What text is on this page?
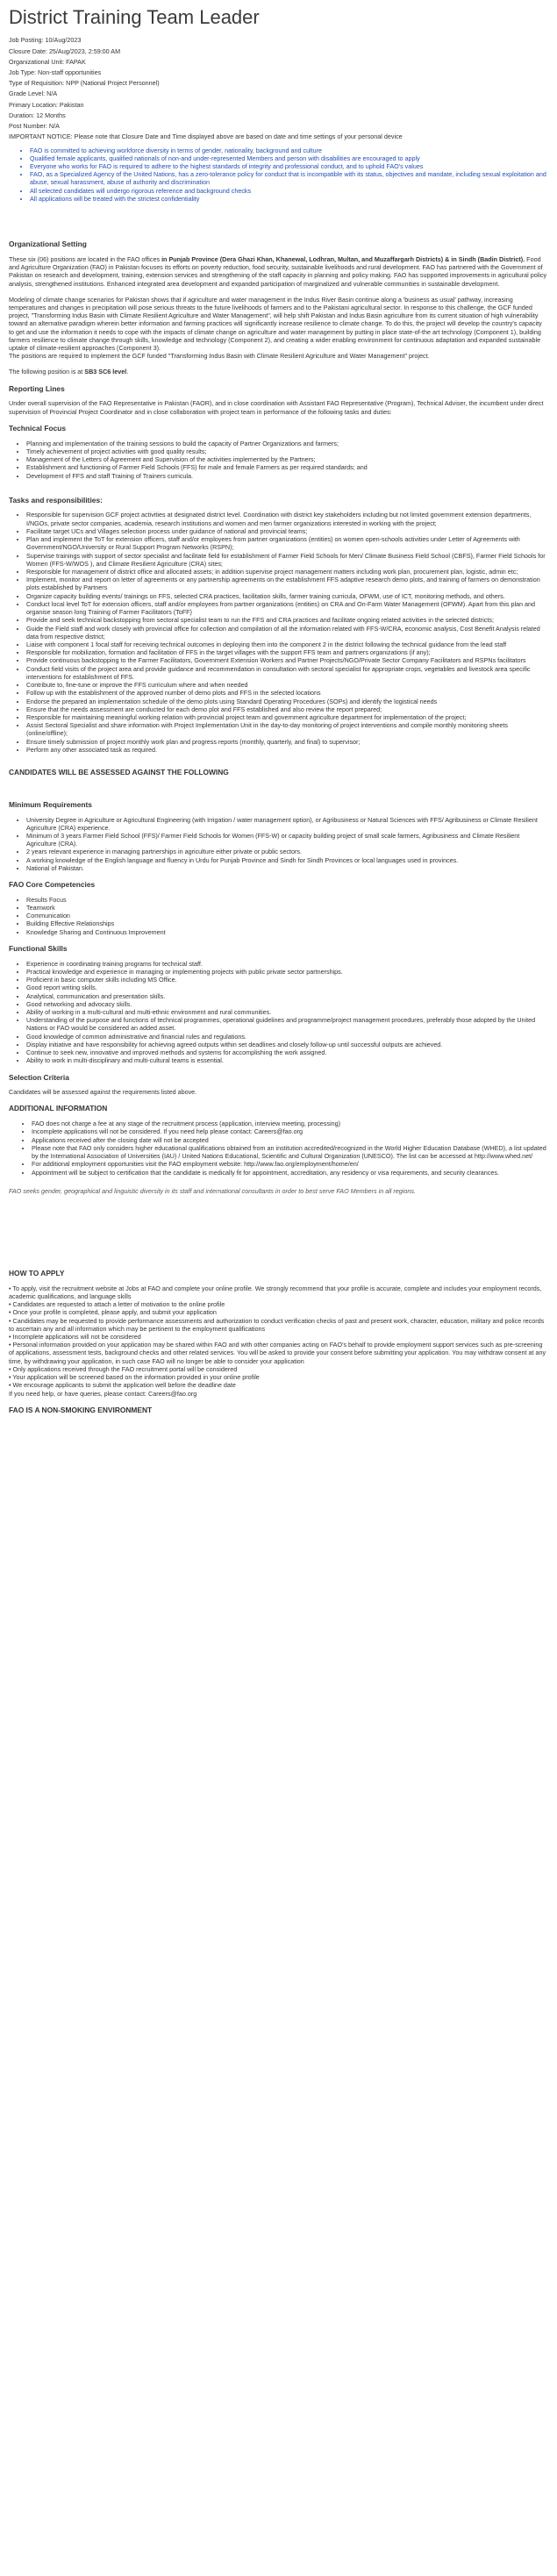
District Training Team Leader

Job Posting: 10/Aug/2023

Closure Date: 25/Aug/2023, 2:59:00 AM

Organizational Unit: FAPAK

Job Type: Non-staff opportunities

Type of Requisition: NPP (National Project Personnel)

Grade Level: N/A

Primary Location: Pakistan

Duration: 12 Months

Post Number: N/A

IMPORTANT NOTICE: Please note that Closure Date and Time displayed above are based on date and time settings of your personal device

• FAO is committed to achieving workforce diversity in terms of gender, nationality, background and culture
• Qualified female applicants, qualified nationals of non-and under-represented Members and person with disabilities are encouraged to apply
• Everyone who works for FAO is required to adhere to the highest standards of integrity and professional conduct, and to uphold FAO's values
• FAO, as a Specialized Agency of the United Nations, has a zero-tolerance policy for conduct that is incompatible with its status, objectives and mandate, including sexual exploitation and abuse, sexual harassment, abuse of authority and discrimination
• All selected candidates will undergo rigorous reference and background checks
• All applications will be treated with the strictest confidentiality
Organizational Setting

These six (06) positions are located in the FAO offices in Punjab Province (Dera Ghazi Khan, Khanewal, Lodhran, Multan, and Muzaffargarh Districts) & in Sindh (Badin District). Food and Agriculture Organization (FAO) in Pakistan focuses its efforts on poverty reduction, food security, sustainable livelihoods and rural development. FAO has partnered with the Government of Pakistan on research and development, training, extension services and strengthening of the staff capacity in planning and policy making. FAO has supported improvements in agricultural policy analysis, strengthened institutions. Enhanced integrated area development and expanded participation of marginalized and vulnerable communities in sustainable development.

Modeling of climate change scenarios for Pakistan shows that if agriculture and water management in the Indus River Basin continue along a 'business as usual' pathway, increasing temperatures and changes in precipitation will pose serious threats to the future livelihoods of farmers and to the Pakistani agricultural sector. In response to this challenge, the GCF funded project, "Transforming Indus Basin with Climate Resilient Agriculture and Water Management", will help shift Pakistan and Indus Basin agriculture from its current situation of high vulnerability toward an alternative paradigm wherein better information and farming practices will significantly increase resilience to climate change. To do this, the project will develop the country's capacity to get and use the information it needs to cope with the impacts of climate change on agriculture and water management by putting in place state-of-the art technology (Component 1), building farmers resilience to climate change through skills, knowledge and technology (Component 2), and creating a wider enabling environment for continuous adaptation and expanded sustainable uptake of climate-resilient approaches (Component 3).

The positions are required to implement the GCF funded "Transforming Indus Basin with Climate Resilient Agriculture and Water Management" project.

The following position is at SB3 SC6 level.

Reporting Lines

Under overall supervision of the FAO Representative in Pakistan (FAOR), and in close coordination with Assistant FAO Representative (Program), Technical Adviser, the incumbent under direct supervision of Provincial Project Coordinator and in close collaboration with project team in performance of the following tasks and duties:

Technical Focus
• Planning and implementation of the training sessions to build the capacity of Partner Organizations and farmers;
• Timely achievement of project activities with good quality results;
• Management of the Letters of Agreement and Supervision of the activities implemented by the Partners;
• Establishment and functioning of Farmer Field Schools (FFS) for male and female Farmers as per required standards; and
• Development of FFS and staff Training of Trainers curricula.
Tasks and responsibilities:
• Responsible for supervision GCF project activities at designated district level. Coordination with district key stakeholders including but not limited government extension departments, I/NGOs, private sector companies, academia, research institutions and women and men farmer organizations interested in working with the project;
• Facilitate target UCs and Villages selection process under guidance of national and provincial teams;
• Plan and implement the ToT for extension officers, staff and/or employees from partner organizations (entities) on women open-schools activities under Letter of Agreements with Government/NGO/University or Rural Support Program Networks (RSPN);
• Supervise trainings with support of sector specialist and facilitate field for establishment of Farmer Field Schools for Men/ Climate Business Field School (CBFS), Farmer Field Schools for Women (FFS-W/WOS ), and Climate Resilient Agriculture (CRA) sites;
• Responsible for management of district office and allocated assets; in addition supervise project management matters including work plan, procurement plan, logistic, admin etc;
• Implement, monitor and report on letter of agreements or any partnership agreements on the establishment FFS adaptive research demo plots, and training of farmers on demonstration plots established by Partners
• Organize capacity building events/ trainings on FFS, selected CRA practices, facilitation skills, farmer training curricula, OFWM, use of ICT, monitoring methods, and others.
• Conduct local level ToT for extension officers, staff and/or employees from partner organizations (entities) on CRA and On-Farm Water Management (OFWM). Apart from this plan and organise season long Training of Farmer Facilitators (ToFF)
• Provide and seek technical backstopping from sectoral specialist team to run the FFS and CRA practices and facilitate ongoing related activities in the selected districts;
• Guide the Field staff and work closely with provincial office for collection and compilation of all the information related with FFS-W/CRA, economic analysis, Cost Benefit Analysis related data from respective district;
• Liaise with component 1 focal staff for receiving technical outcomes in deploying them into the component 2 in the district following the technical guidance from the lead staff
• Responsible for mobilization, formation and facilitation of FFS in the target villages with the support FFS team and partners organizations (if any);
• Provide continuous backstopping to the Farmer Facilitators, Government Extension Workers and Partner Projects/NGO/Private Sector Company Facilitators and RSPNs facilitators
• Conduct field visits of the project area and provide guidance and recommendation in consultation with sectoral specialist for appropriate crops, vegetables and livestock area specific interventions for establishment of FFS.
• Contribute to, fine-tune or improve the FFS curriculum where and when needed
• Follow up with the establishment of the approved number of demo plots and FFS in the selected locations
• Endorse the prepared an implementation schedule of the demo plots using Standard Operating Procedures (SOPs) and identify the logistical needs
• Ensure that the needs assessment are conducted for each demo plot and FFS established and also review the report prepared;
• Responsible for maintaining meaningful working relation with provincial project team and government agriculture department for implementation of the project;
• Assist Sectoral Specialist and share information with Project Implementation Unit in the day-to-day monitoring of project interventions and compile monthly monitoring sheets (online/offline);
• Ensure timely submission of project monthly work plan and progress reports (monthly, quarterly, and final) to supervisor;
• Perform any other associated task as required.
CANDIDATES WILL BE ASSESSED AGAINST THE FOLLOWING
Minimum Requirements
• University Degree in Agriculture or Agricultural Engineering (with Irrigation / water management option), or Agribusiness or Natural Sciences with FFS/ Agribusiness or Climate Resilient Agriculture (CRA) experience.
• Minimum of 3 years Farmer Field School (FFS)/ Farmer Field Schools for Women (FFS-W) or capacity building project of small scale farmers, Agribusiness and Climate Resilient Agriculture (CRA).
• 2 years relevant experience in managing partnerships in agriculture either private or public sectors.
• A working knowledge of the English language and fluency in Urdu for Punjab Province and Sindh for Sindh Provinces or local languages used in provinces.
• National of Pakistan.
FAO Core Competencies
• Results Focus
• Teamwork
• Communication
• Building Effective Relationships
• Knowledge Sharing and Continuous Improvement
Functional Skills
• Experience in coordinating training programs for technical staff.
• Practical knowledge and experience in managing or implementing projects with public private sector partnerships.
• Proficient in basic computer skills including MS Office.
• Good report writing skills.
• Analytical, communication and presentation skills.
• Good networking and advocacy skills.
• Ability of working in a multi-cultural and multi-ethnic environment and rural communities.
• Understanding of the purpose and functions of technical programmes, operational guidelines and programme/project management procedures, preferably those adopted by the United Nations or FAO would be considered an added asset.
• Good knowledge of common administrative and financial rules and regulations.
• Display initiative and have responsibility for achieving agreed outputs within set deadlines and closely follow-up until successful outputs are achieved.
• Continue to seek new, innovative and improved methods and systems for accomplishing the work assigned.
• Ability to work in multi-disciplinary and multi-cultural teams is essential.
Selection Criteria

Candidates will be assessed against the requirements listed above.

ADDITIONAL INFORMATION
• FAO does not charge a fee at any stage of the recruitment process (application, interview meeting, processing)
• Incomplete applications will not be considered. If you need help please contact: Careers@fao.org
• Applications received after the closing date will not be accepted
• Please note that FAO only considers higher educational qualifications obtained from an institution accredited/recognized in the World Higher Education Database (WHED), a list updated by the International Association of Universities (IAU) / United Nations Educational, Scientific and Cultural Organization (UNESCO). The list can be accessed at http://www.whed.net/
• For additional employment opportunities visit the FAO employment website: http://www.fao.org/employment/home/en/
• Appointment will be subject to certification that the candidate is medically fit for appointment, accreditation, any residency or visa requirements, and security clearances.

FAO seeks gender, geographical and linguistic diversity in its staff and international consultants in order to best serve FAO Members in all regions.

HOW TO APPLY

• To apply, visit the recruitment website at Jobs at FAO and complete your online profile. We strongly recommend that your profile is accurate, complete and includes your employment records, academic qualifications, and language skills

• Candidates are requested to attach a letter of motivation to the online profile

• Once your profile is completed, please apply, and submit your application

• Candidates may be requested to provide performance assessments and authorization to conduct verification checks of past and present work, character, education, military and police records to ascertain any and all information which may be pertinent to the employment qualifications

• Incomplete applications will not be considered

• Personal information provided on your application may be shared within FAO and with other companies acting on FAO's behalf to provide employment support services such as pre-screening of applications, assessment tests, background checks and other related services. You will be asked to provide your consent before submitting your application. You may withdraw consent at any time, by withdrawing your application, in such case FAO will no longer be able to consider your application

• Only applications received through the FAO recruitment portal will be considered

• Your application will be screened based on the information provided in your online profile

• We encourage applicants to submit the application well before the deadline date

If you need help, or have queries, please contact: Careers@fao.org

FAO IS A NON-SMOKING ENVIRONMENT
